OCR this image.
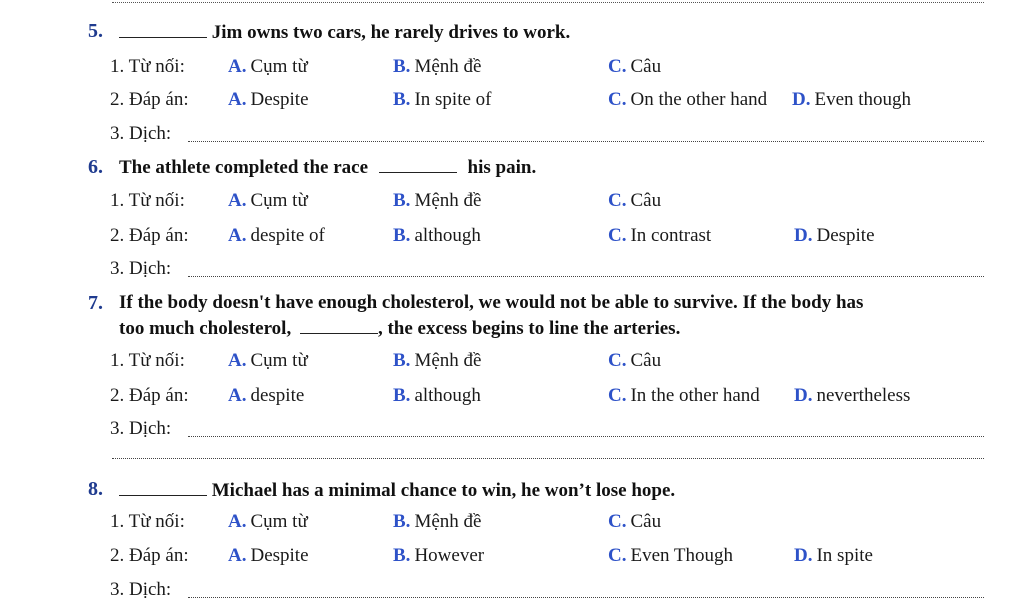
5.	Jim owns two cars, he rarely drives to work.
1. Từ nối: A. Cụm từ	B. Mệnh đề	C. Câu
2. Đáp án: A. Despite	B. In spite of	C. On the other hand D. Even though
3. Dịch:
6. The athlete completed the race	his pain.
1. Từ nối: A. Cụm từ	B. Mệnh đề	C. Câu
2. Đáp án: A. despite of	B. although	C. In contrast	D. Despite
3. Dịch:
7. If the body doesn't have enough cholesterol, we would not be able to survive. If the body has
too much cholesterol,	, the excess begins to line the arteries.
1. Từ nối: A. Cụm từ	B. Mệnh đề	C. Câu
2. Đáp án: A. despite	B. although	C. In the other hand D. nevertheless
3. Dịch:
8.	Michael has a minimal chance to win, he won’t lose hope.
1. Từ nối: A. Cụm từ	B. Mệnh đề	C. Câu
2. Đáp án: A. Despite	B. However	C. Even Though	D. In spite
3. Dịch:
